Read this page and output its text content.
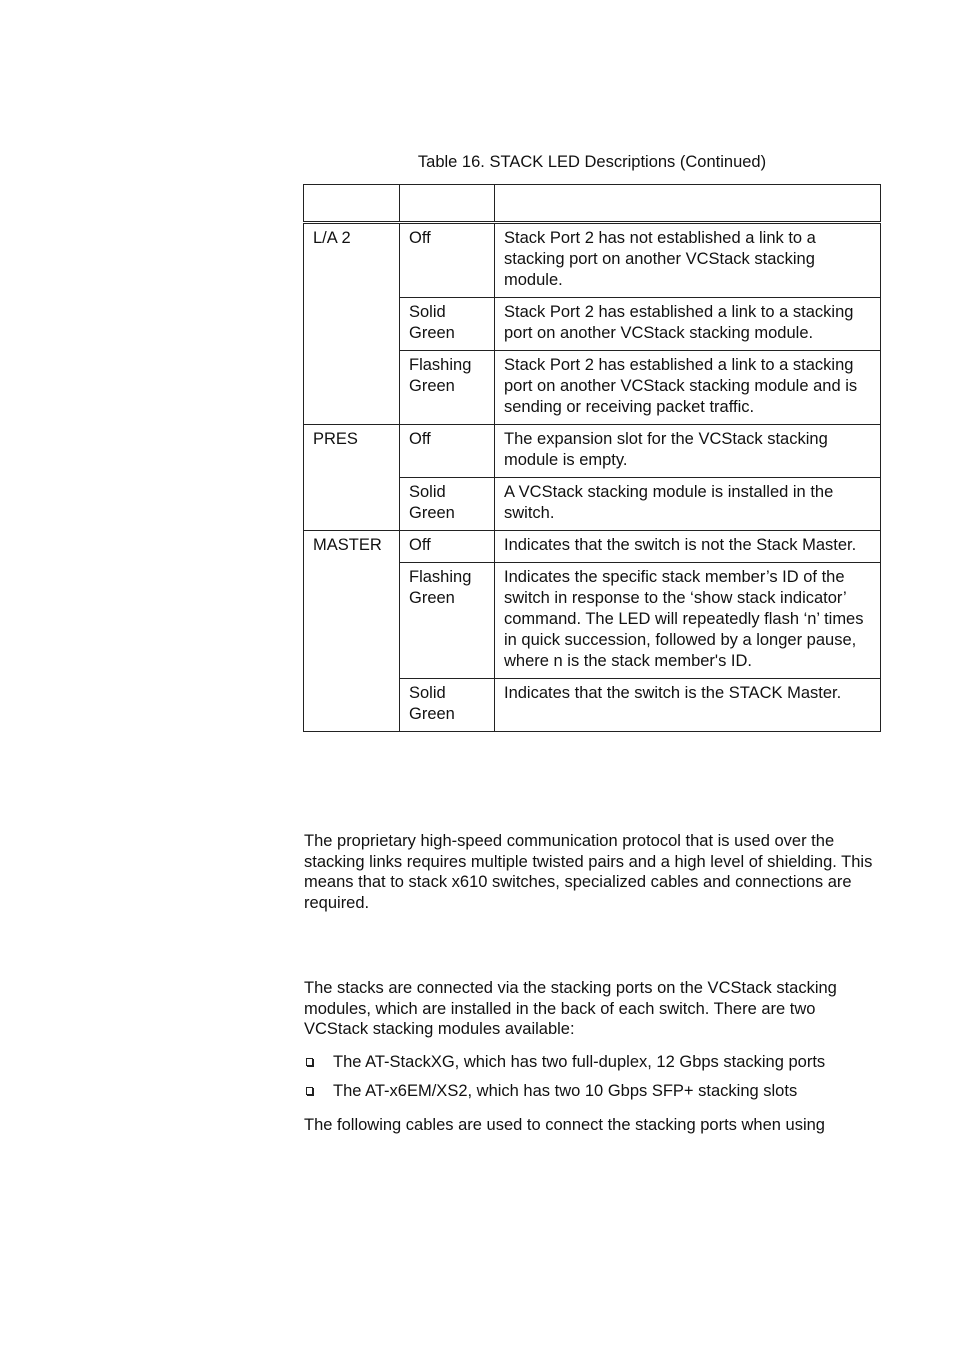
Table 16. STACK LED Descriptions (Continued)

L/A 2	Off	Stack Port 2 has not established a link to a stacking port on another VCStack stacking module.
	Solid Green	Stack Port 2 has established a link to a stacking port on another VCStack stacking module.
	Flashing Green	Stack Port 2 has established a link to a stacking port on another VCStack stacking module and is sending or receiving packet traffic.
PRES	Off	The expansion slot for the VCStack stacking module is empty.
	Solid Green	A VCStack stacking module is installed in the switch.
MASTER	Off	Indicates that the switch is not the Stack Master.
	Flashing Green	Indicates the specific stack member’s ID of the switch in response to the ‘show stack indicator’ command. The LED will repeatedly flash ‘n’ times in quick succession, followed by a longer pause, where n is the stack member's ID.
	Solid Green	Indicates that the switch is the STACK Master.

The proprietary high-speed communication protocol that is used over the stacking links requires multiple twisted pairs and a high level of shielding. This means that to stack x610 switches, specialized cables and connections are required.

The stacks are connected via the stacking ports on the VCStack stacking modules, which are installed in the back of each switch. There are two VCStack stacking modules available:

The AT-StackXG, which has two full-duplex, 12 Gbps stacking ports
The AT-x6EM/XS2, which has two 10 Gbps SFP+ stacking slots

The following cables are used to connect the stacking ports when using
